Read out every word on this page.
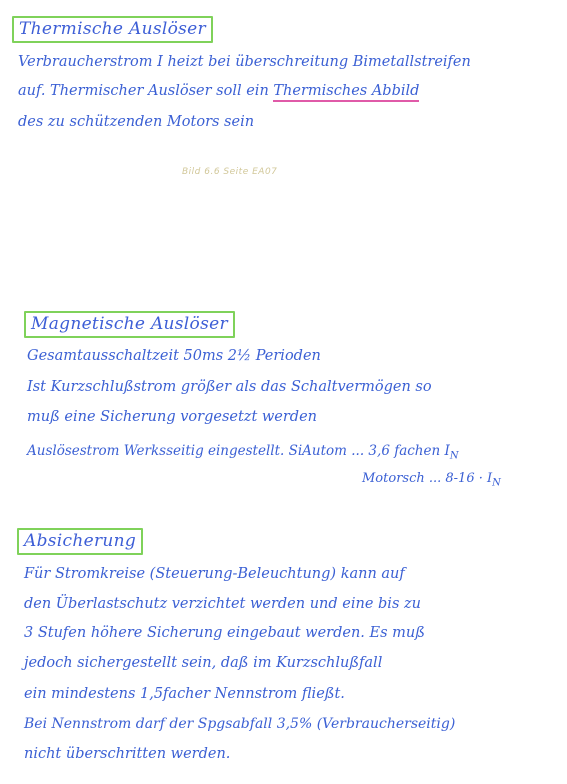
Thermische Auslöser
Verbraucherstrom I heizt bei überschreitung Bimetallstreifen
auf. Thermischer Auslöser soll ein Thermisches Abbild
des zu schützenden Motors sein
Bild 6.6 Seite EA07
Magnetische Auslöser
Gesamtausschaltzeit 50ms 2½ Perioden
Ist Kurzschlußstrom größer als das Schaltvermögen so
muß eine Sicherung vorgesetzt werden
Auslösestrom Werksseitig eingestellt. SiAutom ... 3,6 fachen $I_N$
Motorsch ... $8-16 \cdot I_N$
Absicherung
Für Stromkreise (Steuerung-Beleuchtung) kann auf
den Überlastschutz verzichtet werden und eine bis zu
3 Stufen höhere Sicherung eingebaut werden. Es muß
jedoch sichergestellt sein, daß im Kurzschlußfall
ein mindestens 1,5facher Nennstrom fließt.
Bei Nennstrom darf der Spgsabfall 3,5% (Verbraucherseitig)
nicht überschritten werden.
